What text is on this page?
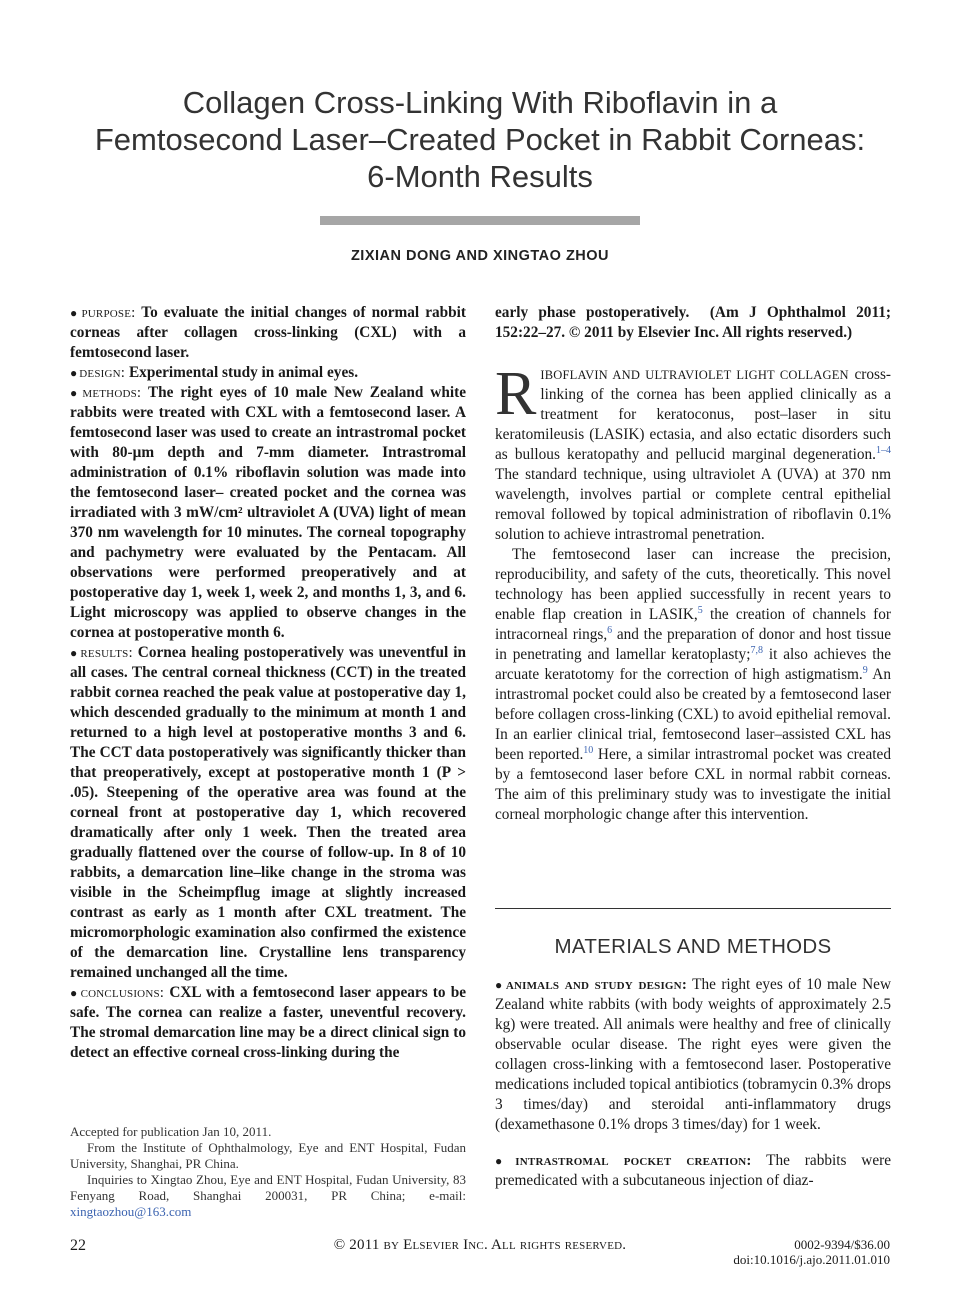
Collagen Cross-Linking With Riboflavin in a
Femtosecond Laser–Created Pocket in Rabbit Corneas:
6-Month Results
ZIXIAN DONG AND XINGTAO ZHOU

● purpose: To evaluate the initial changes of normal rabbit corneas after collagen cross-linking (CXL) with a femtosecond laser.

● design: Experimental study in animal eyes.

● methods: The right eyes of 10 male New Zealand white rabbits were treated with CXL with a femtosecond laser. A femtosecond laser was used to create an intrastromal pocket with 80-μm depth and 7-mm diameter. Intrastromal administration of 0.1% riboflavin solution was made into the femtosecond laser– created pocket and the cornea was irradiated with 3 mW/cm² ultraviolet A (UVA) light of mean 370 nm wavelength for 10 minutes. The corneal topography and pachymetry were evaluated by the Pentacam. All observations were performed preoperatively and at postoperative day 1, week 1, week 2, and months 1, 3, and 6. Light microscopy was applied to observe changes in the cornea at postoperative month 6.

● results: Cornea healing postoperatively was uneventful in all cases. The central corneal thickness (CCT) in the treated rabbit cornea reached the peak value at postoperative day 1, which descended gradually to the minimum at month 1 and returned to a high level at postoperative months 3 and 6. The CCT data postoperatively was significantly thicker than that preoperatively, except at postoperative month 1 (P > .05). Steepening of the operative area was found at the corneal front at postoperative day 1, which recovered dramatically after only 1 week. Then the treated area gradually flattened over the course of follow-up. In 8 of 10 rabbits, a demarcation line–like change in the stroma was visible in the Scheimpflug image at slightly increased contrast as early as 1 month after CXL treatment. The micromorphologic examination also confirmed the existence of the demarcation line. Crystalline lens transparency remained unchanged all the time.

● conclusions: CXL with a femtosecond laser appears to be safe. The cornea can realize a faster, uneventful recovery. The stromal demarcation line may be a direct clinical sign to detect an effective corneal cross-linking during the

Accepted for publication Jan 10, 2011.

From the Institute of Ophthalmology, Eye and ENT Hospital, Fudan University, Shanghai, PR China.

Inquiries to Xingtao Zhou, Eye and ENT Hospital, Fudan University, 83 Fenyang Road, Shanghai 200031, PR China; e-mail: xingtaozhou@163.com

early phase postoperatively. (Am J Ophthalmol 2011; 152:22–27. © 2011 by Elsevier Inc. All rights reserved.)

RIBOFLAVIN AND ULTRAVIOLET LIGHT COLLAGEN cross-linking of the cornea has been applied clinically as a treatment for keratoconus, post–laser in situ keratomileusis (LASIK) ectasia, and also ectatic disorders such as bullous keratopathy and pellucid marginal degeneration.$^{1-4}$ The standard technique, using ultraviolet A (UVA) at 370 nm wavelength, involves partial or complete central epithelial removal followed by topical administration of riboflavin 0.1% solution to achieve intrastromal penetration.

The femtosecond laser can increase the precision, reproducibility, and safety of the cuts, theoretically. This novel technology has been applied successfully in recent years to enable flap creation in LASIK,$^5$ the creation of channels for intracorneal rings,$^6$ and the preparation of donor and host tissue in penetrating and lamellar keratoplasty;$^{7,8}$ it also achieves the arcuate keratotomy for the correction of high astigmatism.$^9$ An intrastromal pocket could also be created by a femtosecond laser before collagen cross-linking (CXL) to avoid epithelial removal. In an earlier clinical trial, femtosecond laser–assisted CXL has been reported.$^{10}$ Here, a similar intrastromal pocket was created by a femtosecond laser before CXL in normal rabbit corneas. The aim of this preliminary study was to investigate the initial corneal morphologic change after this intervention.

MATERIALS AND METHODS

● animals and study design: The right eyes of 10 male New Zealand white rabbits (with body weights of approximately 2.5 kg) were treated. All animals were healthy and free of clinically observable ocular disease. The right eyes were given the collagen cross-linking with a femtosecond laser. Postoperative medications included topical antibiotics (tobramycin 0.3% drops 3 times/day) and steroidal anti-inflammatory drugs (dexamethasone 0.1% drops 3 times/day) for 1 week.

● intrastromal pocket creation: The rabbits were premedicated with a subcutaneous injection of diaz-

22	© 2011 by Elsevier Inc. All rights reserved.	0002-9394/$36.00
doi:10.1016/j.ajo.2011.01.010
